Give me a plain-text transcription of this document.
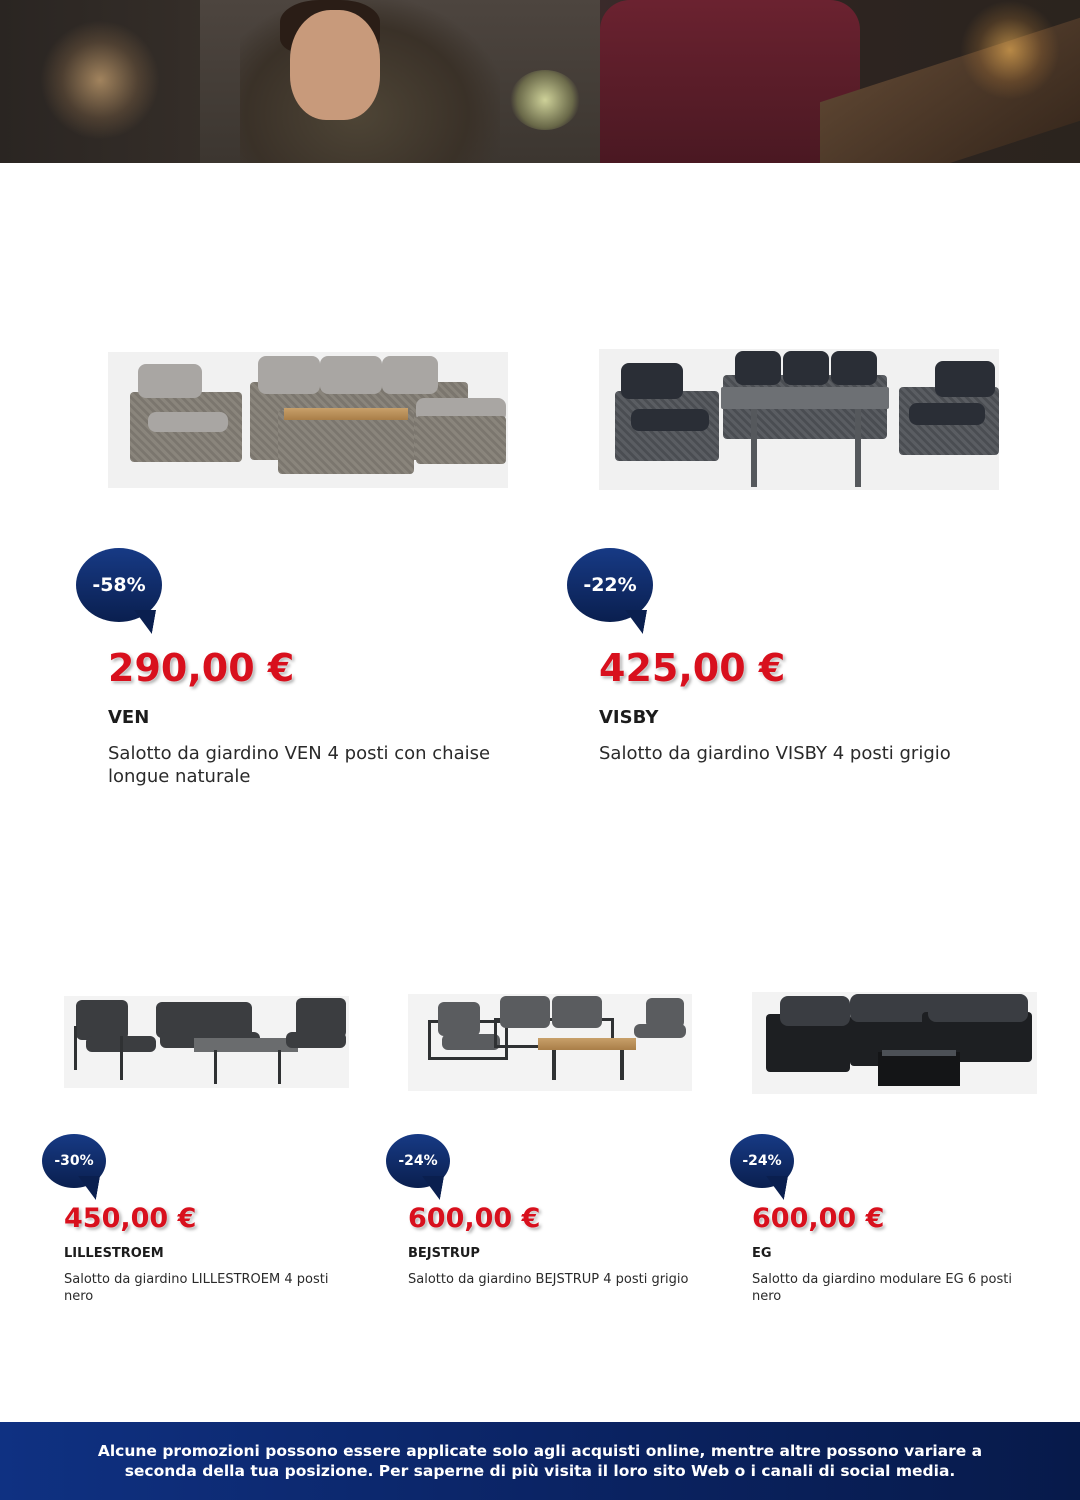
-58%
290,00 €
VEN
Salotto da giardino VEN 4 posti con chaise longue naturale
-22%
425,00 €
VISBY
Salotto da giardino VISBY 4 posti grigio
-30%
450,00 €
LILLESTROEM
Salotto da giardino LILLESTROEM 4 posti nero
-24%
600,00 €
BEJSTRUP
Salotto da giardino BEJSTRUP 4 posti grigio
-24%
600,00 €
EG
Salotto da giardino modulare EG 6 posti nero

Alcune promozioni possono essere applicate solo agli acquisti online, mentre altre possono variare a seconda della tua posizione. Per saperne di più visita il loro sito Web o i canali di social media.
